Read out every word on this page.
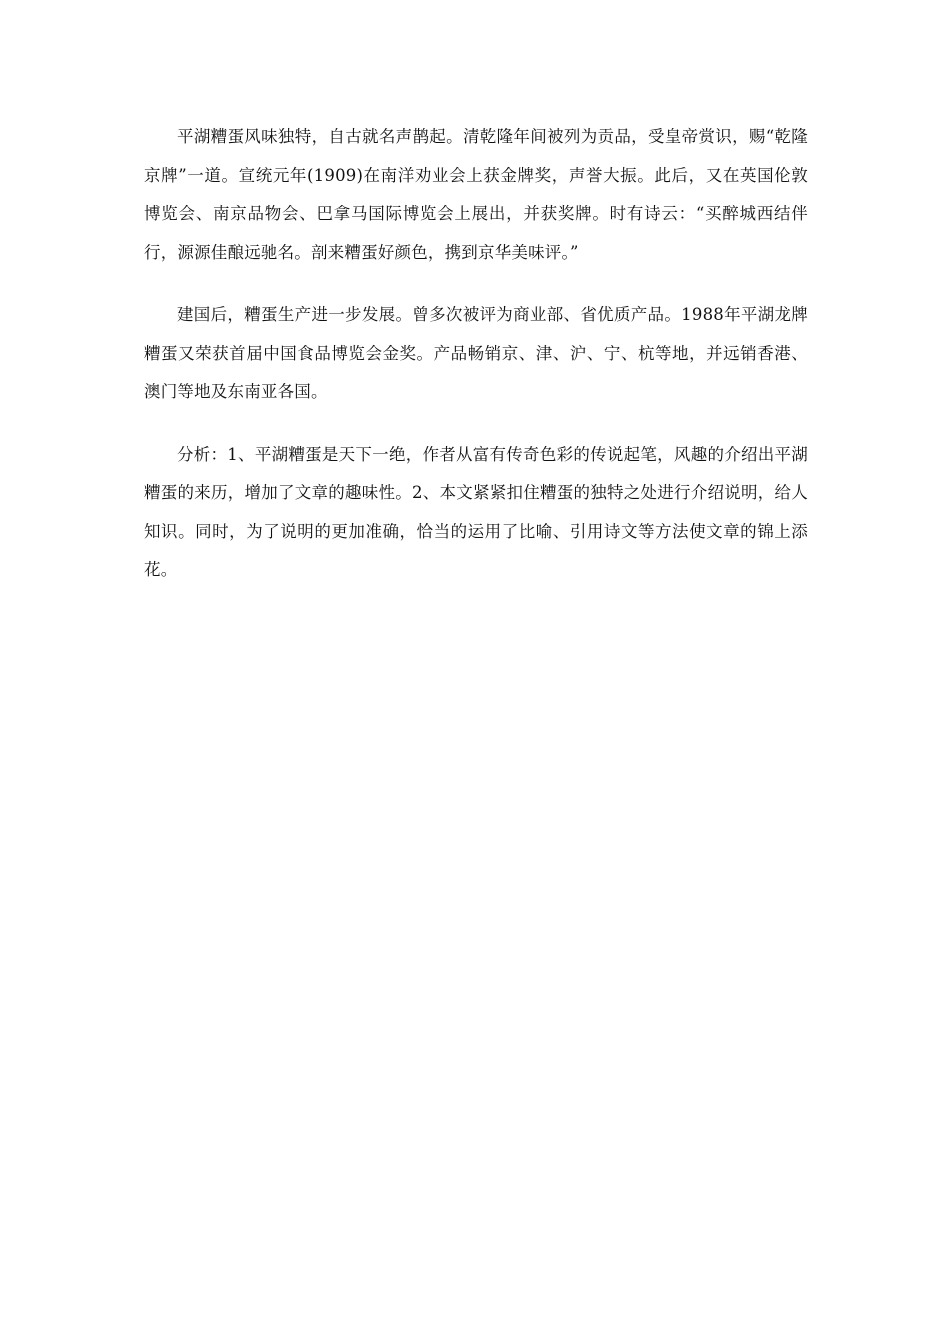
平湖糟蛋风味独特，自古就名声鹊起。清乾隆年间被列为贡品，受皇帝赏识，赐“乾隆京牌”一道。宣统元年(1909)在南洋劝业会上获金牌奖，声誉大振。此后，又在英国伦敦博览会、南京品物会、巴拿马国际博览会上展出，并获奖牌。时有诗云：“买醉城西结伴行，源源佳酿远驰名。剖来糟蛋好颜色，携到京华美味评。”

建国后，糟蛋生产进一步发展。曾多次被评为商业部、省优质产品。1988年平湖龙牌糟蛋又荣获首届中国食品博览会金奖。产品畅销京、津、沪、宁、杭等地，并远销香港、澳门等地及东南亚各国。

分析：1、平湖糟蛋是天下一绝，作者从富有传奇色彩的传说起笔，风趣的介绍出平湖糟蛋的来历，增加了文章的趣味性。2、本文紧紧扣住糟蛋的独特之处进行介绍说明，给人知识。同时，为了说明的更加准确，恰当的运用了比喻、引用诗文等方法使文章的锦上添花。
